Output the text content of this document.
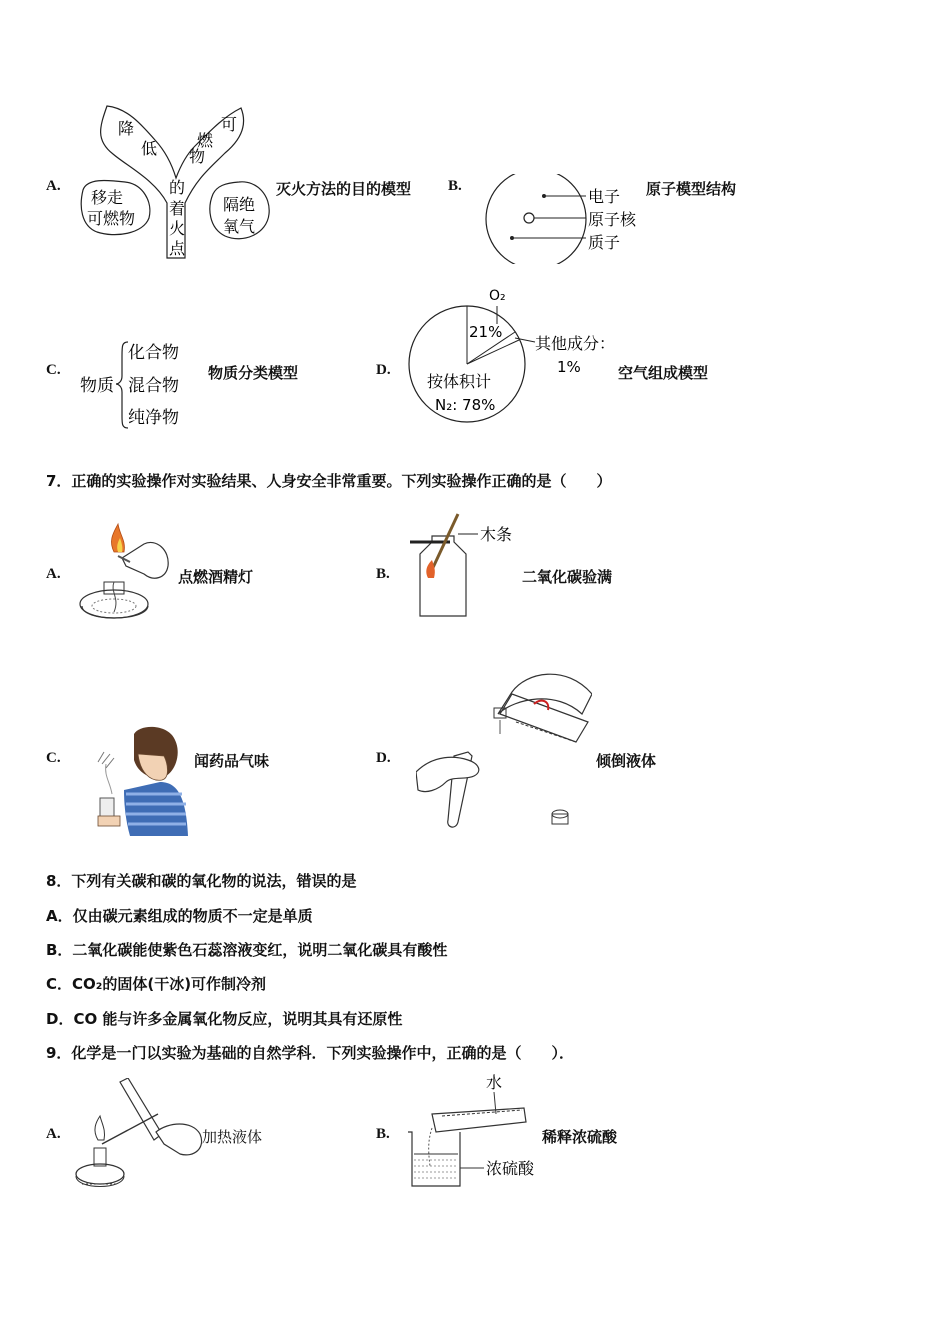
A.
降
低 燃
可
物
的
着
火
点
移走
可燃物
隔绝
氧气
灭火方法的目的模型 B.
电子
原子核
质子
原子模型结构
C.
物质
化合物
混合物
纯净物
物质分类模型	D.
O₂
21%
其他成分：
1%
按体积计
N₂: 78%
空气组成模型
7．正确的实验操作对实验结果、人身安全非常重要。下列实验操作正确的是（　　）
A.	点燃酒精灯	B.
木条
二氧化碳验满
C.	闻药品气味	D.	倾倒液体
8．下列有关碳和碳的氧化物的说法，错误的是
A．仅由碳元素组成的物质不一定是单质
B．二氧化碳能使紫色石蕊溶液变红，说明二氧化碳具有酸性
C．CO₂的固体(干冰)可作制冷剂
D．CO 能与许多金属氧化物反应，说明其具有还原性
9．化学是一门以实验为基础的自然学科．下列实验操作中，正确的是（　　）．
A.	加热液体	B.
水
浓硫酸
稀释浓硫酸
